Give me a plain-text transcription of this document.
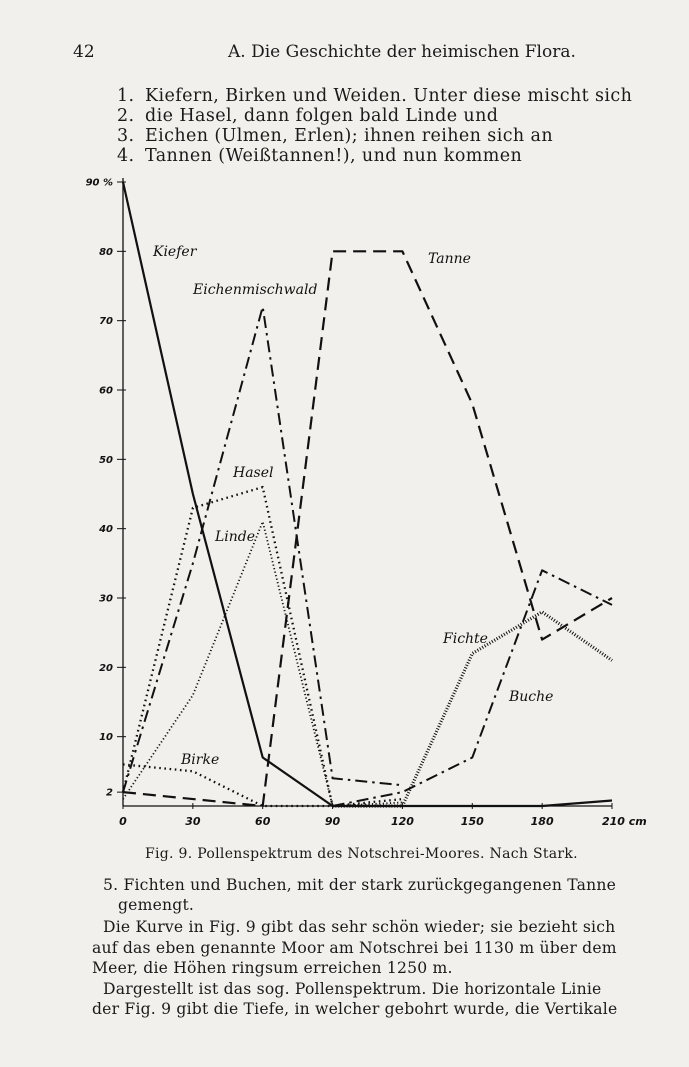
42	A. Die Geschichte der heimischen Flora.
1. Kiefern, Birken und Weiden. Unter diese mischt sich
2. die Hasel, dann folgen bald Linde und
3. Eichen (Ulmen, Erlen); ihnen reihen sich an
4. Tannen (Weißtannen!), und nun kommen
2
10
20
30
40
50
60
70
80
90 %
0	30	60	90	120	150	180	210 cm
Kiefer	Tanne
Eichenmischwald
Hasel
Linde
Birke
Fichte
Buche
Fig. 9. Pollenspektrum des Notschrei-Moores. Nach Stark.
5. Fichten und Buchen, mit der stark zurückgegangenen Tanne
gemengt.
Die Kurve in Fig. 9 gibt das sehr schön wieder; sie bezieht sich
auf das eben genannte Moor am Notschrei bei 1130 m über dem
Meer, die Höhen ringsum erreichen 1250 m.
Dargestellt ist das sog. Pollenspektrum. Die horizontale Linie
der Fig. 9 gibt die Tiefe, in welcher gebohrt wurde, die Vertikale
